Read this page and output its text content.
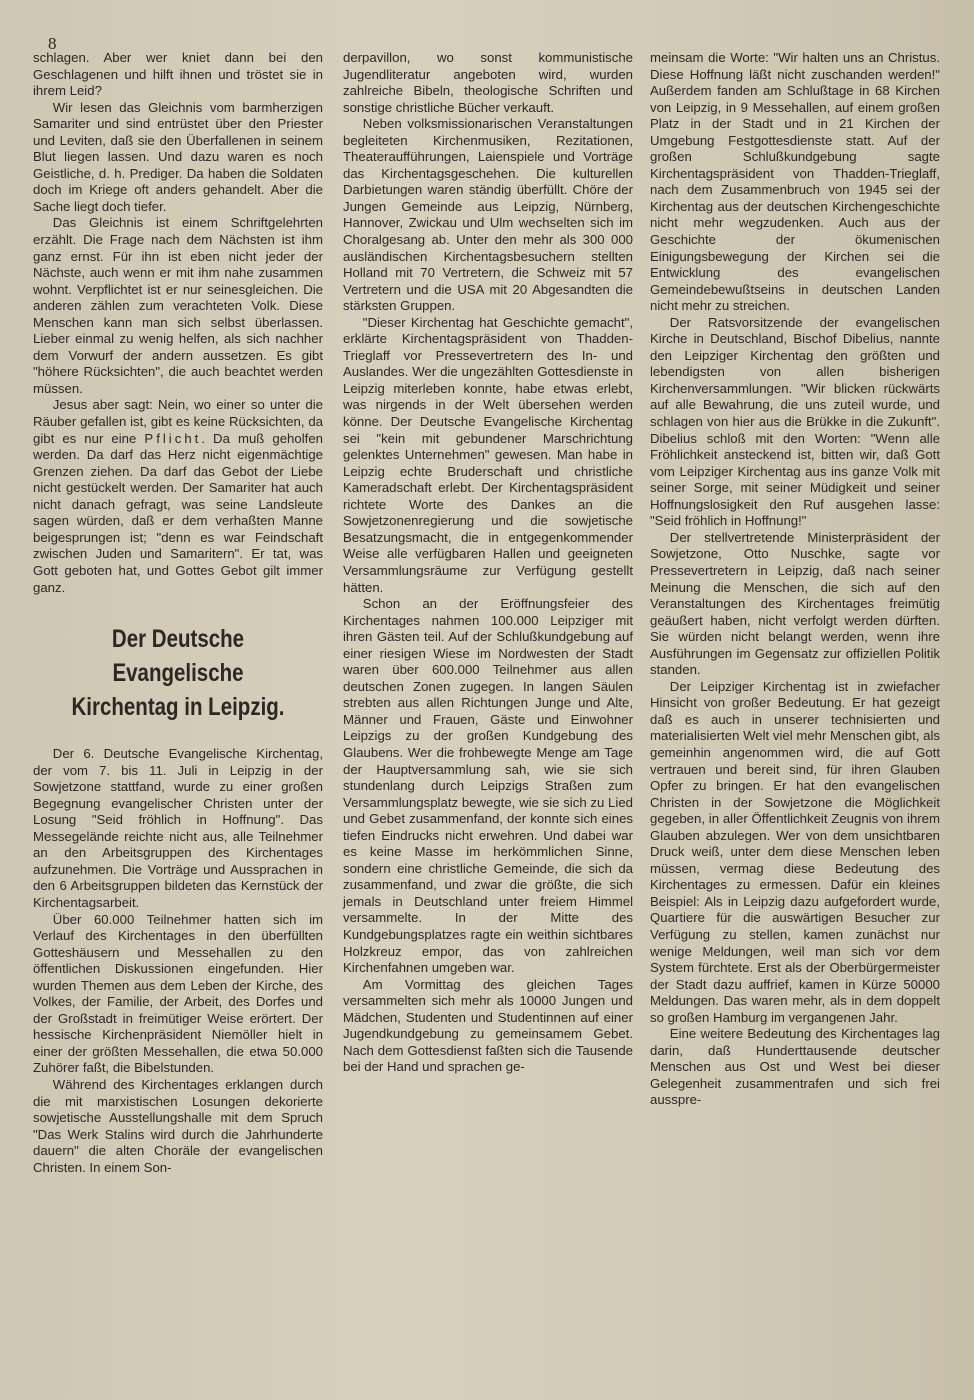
8

schlagen. Aber wer kniet dann bei den Geschlagenen und hilft ihnen und tröstet sie in ihrem Leid?

Wir lesen das Gleichnis vom barmherzigen Samariter und sind entrüstet über den Priester und Leviten, daß sie den Überfallenen in seinem Blut liegen lassen. Und dazu waren es noch Geistliche, d. h. Prediger. Da haben die Soldaten doch im Kriege oft anders gehandelt. Aber die Sache liegt doch tiefer.

Das Gleichnis ist einem Schriftgelehrten erzählt. Die Frage nach dem Nächsten ist ihm ganz ernst. Für ihn ist eben nicht jeder der Nächste, auch wenn er mit ihm nahe zusammen wohnt. Verpflichtet ist er nur seinesgleichen. Die anderen zählen zum verachteten Volk. Diese Menschen kann man sich selbst überlassen. Lieber einmal zu wenig helfen, als sich nachher dem Vorwurf der andern aussetzen. Es gibt "höhere Rücksichten", die auch beachtet werden müssen.

Jesus aber sagt: Nein, wo einer so unter die Räuber gefallen ist, gibt es keine Rücksichten, da gibt es nur eine Pflicht. Da muß geholfen werden. Da darf das Herz nicht eigenmächtige Grenzen ziehen. Da darf das Gebot der Liebe nicht gestückelt werden. Der Samariter hat auch nicht danach gefragt, was seine Landsleute sagen würden, daß er dem verhaßten Manne beigesprungen ist; "denn es war Feindschaft zwischen Juden und Samaritern". Er tat, was Gott geboten hat, und Gottes Gebot gilt immer ganz.

Der Deutsche Evangelische Kirchentag in Leipzig.

Der 6. Deutsche Evangelische Kirchentag, der vom 7. bis 11. Juli in Leipzig in der Sowjetzone stattfand, wurde zu einer großen Begegnung evangelischer Christen unter der Losung "Seid fröhlich in Hoffnung". Das Messegelände reichte nicht aus, alle Teilnehmer an den Arbeitsgruppen des Kirchentages aufzunehmen. Die Vorträge und Aussprachen in den 6 Arbeitsgruppen bildeten das Kernstück der Kirchentagsarbeit.

Über 60.000 Teilnehmer hatten sich im Verlauf des Kirchentages in den überfüllten Gotteshäusern und Messehallen zu den öffentlichen Diskussionen eingefunden. Hier wurden Themen aus dem Leben der Kirche, des Volkes, der Familie, der Arbeit, des Dorfes und der Großstadt in freimütiger Weise erörtert. Der hessische Kirchenpräsident Niemöller hielt in einer der größten Messehallen, die etwa 50.000 Zuhörer faßt, die Bibelstunden.

Während des Kirchentages erklangen durch die mit marxistischen Losungen dekorierte sowjetische Ausstellungshalle mit dem Spruch "Das Werk Stalins wird durch die Jahrhunderte dauern" die alten Choräle der evangelischen Christen. In einem Son-

derpavillon, wo sonst kommunistische Jugendliteratur angeboten wird, wurden zahlreiche Bibeln, theologische Schriften und sonstige christliche Bücher verkauft.

Neben volksmissionarischen Veranstaltungen begleiteten Kirchenmusiken, Rezitationen, Theateraufführungen, Laienspiele und Vorträge das Kirchentagsgeschehen. Die kulturellen Darbietungen waren ständig überfüllt. Chöre der Jungen Gemeinde aus Leipzig, Nürnberg, Hannover, Zwickau und Ulm wechselten sich im Choralgesang ab. Unter den mehr als 300 000 ausländischen Kirchentagsbesuchern stellten Holland mit 70 Vertretern, die Schweiz mit 57 Vertretern und die USA mit 20 Abgesandten die stärksten Gruppen.

"Dieser Kirchentag hat Geschichte gemacht", erklärte Kirchentagspräsident von Thadden-Trieglaff vor Pressevertretern des In- und Auslandes. Wer die ungezählten Gottesdienste in Leipzig miterleben konnte, habe etwas erlebt, was nirgends in der Welt übersehen werden könne. Der Deutsche Evangelische Kirchentag sei "kein mit gebundener Marschrichtung gelenktes Unternehmen" gewesen. Man habe in Leipzig echte Bruderschaft und christliche Kameradschaft erlebt. Der Kirchentagspräsident richtete Worte des Dankes an die Sowjetzonenregierung und die sowjetische Besatzungsmacht, die in entgegenkommender Weise alle verfügbaren Hallen und geeigneten Versammlungsräume zur Verfügung gestellt hätten.

Schon an der Eröffnungsfeier des Kirchentages nahmen 100.000 Leipziger mit ihren Gästen teil. Auf der Schlußkundgebung auf einer riesigen Wiese im Nordwesten der Stadt waren über 600.000 Teilnehmer aus allen deutschen Zonen zugegen. In langen Säulen strebten aus allen Richtungen Junge und Alte, Männer und Frauen, Gäste und Einwohner Leipzigs zu der großen Kundgebung des Glaubens. Wer die frohbewegte Menge am Tage der Hauptversammlung sah, wie sie sich stundenlang durch Leipzigs Straßen zum Versammlungsplatz bewegte, wie sie sich zu Lied und Gebet zusammenfand, der konnte sich eines tiefen Eindrucks nicht erwehren. Und dabei war es keine Masse im herkömmlichen Sinne, sondern eine christliche Gemeinde, die sich da zusammenfand, und zwar die größte, die sich jemals in Deutschland unter freiem Himmel versammelte. In der Mitte des Kundgebungsplatzes ragte ein weithin sichtbares Holzkreuz empor, das von zahlreichen Kirchenfahnen umgeben war.

Am Vormittag des gleichen Tages versammelten sich mehr als 10000 Jungen und Mädchen, Studenten und Studentinnen auf einer Jugendkundgebung zu gemeinsamem Gebet. Nach dem Gottesdienst faßten sich die Tausende bei der Hand und sprachen ge-

meinsam die Worte: "Wir halten uns an Christus. Diese Hoffnung läßt nicht zuschanden werden!" Außerdem fanden am Schlußtage in 68 Kirchen von Leipzig, in 9 Messehallen, auf einem großen Platz in der Stadt und in 21 Kirchen der Umgebung Festgottesdienste statt. Auf der großen Schlußkundgebung sagte Kirchentagspräsident von Thadden-Trieglaff, nach dem Zusammenbruch von 1945 sei der Kirchentag aus der deutschen Kirchengeschichte nicht mehr wegzudenken. Auch aus der Geschichte der ökumenischen Einigungsbewegung der Kirchen sei die Entwicklung des evangelischen Gemeindebewußtseins in deutschen Landen nicht mehr zu streichen.

Der Ratsvorsitzende der evangelischen Kirche in Deutschland, Bischof Dibelius, nannte den Leipziger Kirchentag den größten und lebendigsten von allen bisherigen Kirchenversammlungen. "Wir blicken rückwärts auf alle Bewahrung, die uns zuteil wurde, und schlagen von hier aus die Brükke in die Zukunft". Dibelius schloß mit den Worten: "Wenn alle Fröhlichkeit ansteckend ist, bitten wir, daß Gott vom Leipziger Kirchentag aus ins ganze Volk mit seiner Sorge, mit seiner Müdigkeit und seiner Hoffnungslosigkeit den Ruf ausgehen lasse: "Seid fröhlich in Hoffnung!"

Der stellvertretende Ministerpräsident der Sowjetzone, Otto Nuschke, sagte vor Pressevertretern in Leipzig, daß nach seiner Meinung die Menschen, die sich auf den Veranstaltungen des Kirchentages freimütig geäußert haben, nicht verfolgt werden dürften. Sie würden nicht belangt werden, wenn ihre Ausführungen im Gegensatz zur offiziellen Politik standen.

Der Leipziger Kirchentag ist in zwiefacher Hinsicht von großer Bedeutung. Er hat gezeigt daß es auch in unserer technisierten und materialisierten Welt viel mehr Menschen gibt, als gemeinhin angenommen wird, die auf Gott vertrauen und bereit sind, für ihren Glauben Opfer zu bringen. Er hat den evangelischen Christen in der Sowjetzone die Möglichkeit gegeben, in aller Öffentlichkeit Zeugnis von ihrem Glauben abzulegen. Wer von dem unsichtbaren Druck weiß, unter dem diese Menschen leben müssen, vermag diese Bedeutung des Kirchentages zu ermessen. Dafür ein kleines Beispiel: Als in Leipzig dazu aufgefordert wurde, Quartiere für die auswärtigen Besucher zur Verfügung zu stellen, kamen zunächst nur wenige Meldungen, weil man sich vor dem System fürchtete. Erst als der Oberbürgermeister der Stadt dazu auffrief, kamen in Kürze 50000 Meldungen. Das waren mehr, als in dem doppelt so großen Hamburg im vergangenen Jahr.

Eine weitere Bedeutung des Kirchentages lag darin, daß Hunderttausende deutscher Menschen aus Ost und West bei dieser Gelegenheit zusammentrafen und sich frei ausspre-
